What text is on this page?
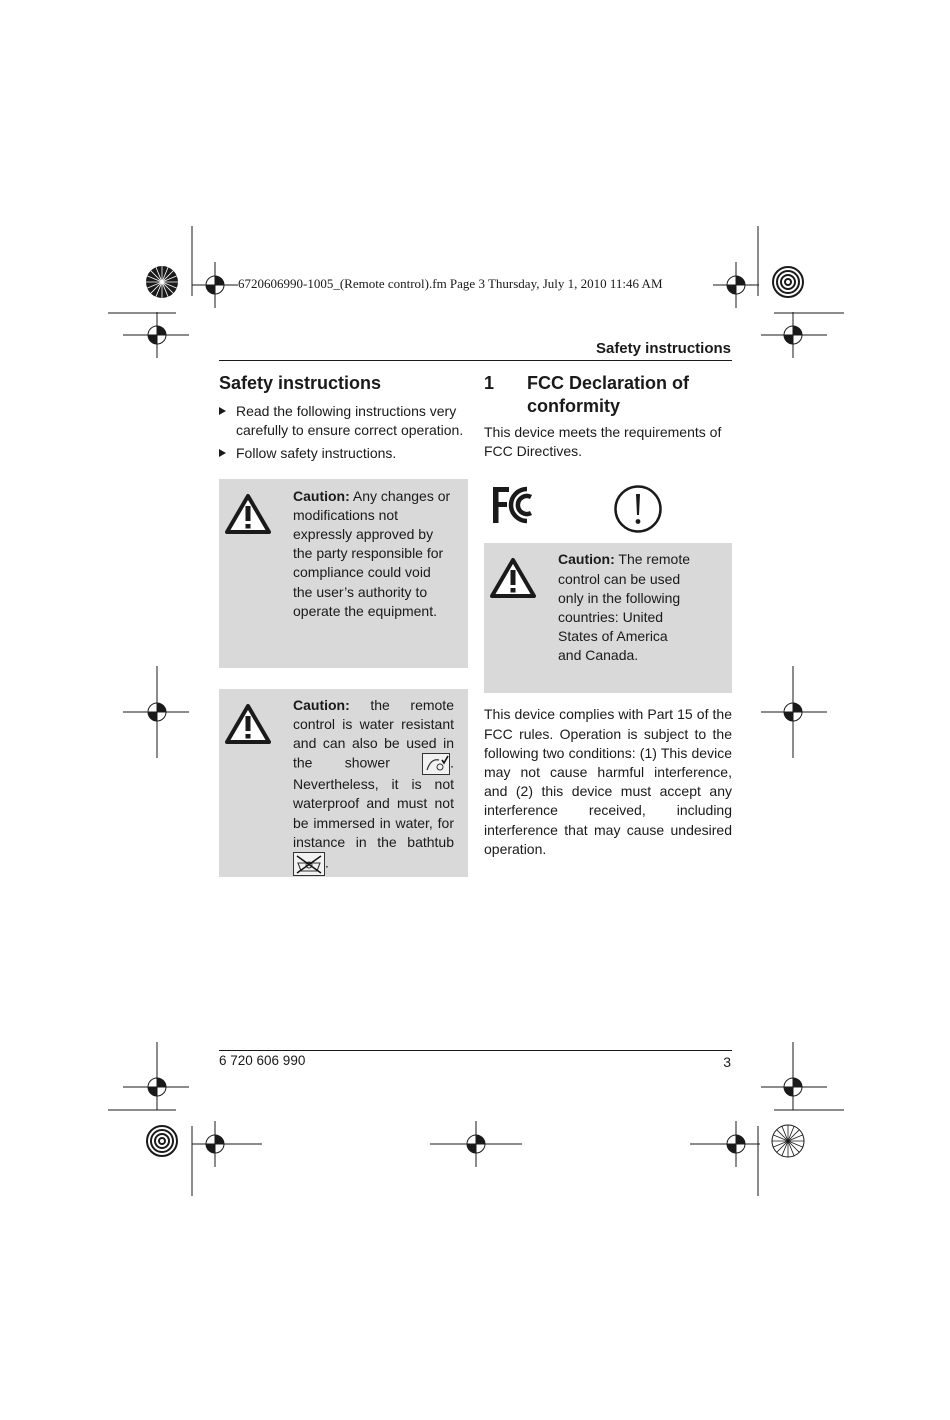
6720606990-1005_(Remote control).fm Page 3 Thursday, July 1, 2010 11:46 AM
Safety instructions
Safety instructions
Read the following instructions very carefully to ensure correct operation.
Follow safety instructions.

Caution: Any changes or modifications not expressly approved by the party responsible for compliance could void the user’s authority to operate the equipment.

Caution: the remote control is water resistant and can also be used in the shower
. Nevertheless, it is not waterproof and must not be immersed in water, for instance in the bathtub
.

1	FCC Declaration of conformity

This device meets the requirements of FCC Directives.

Caution: The remote control can be used only in the following countries: United States of America and Canada.

This device complies with Part 15 of the FCC rules. Operation is subject to the following two conditions: (1) This device may not cause harmful interference, and (2) this device must accept any interference received, including interference that may cause undesired operation.

6 720 606 990	3
